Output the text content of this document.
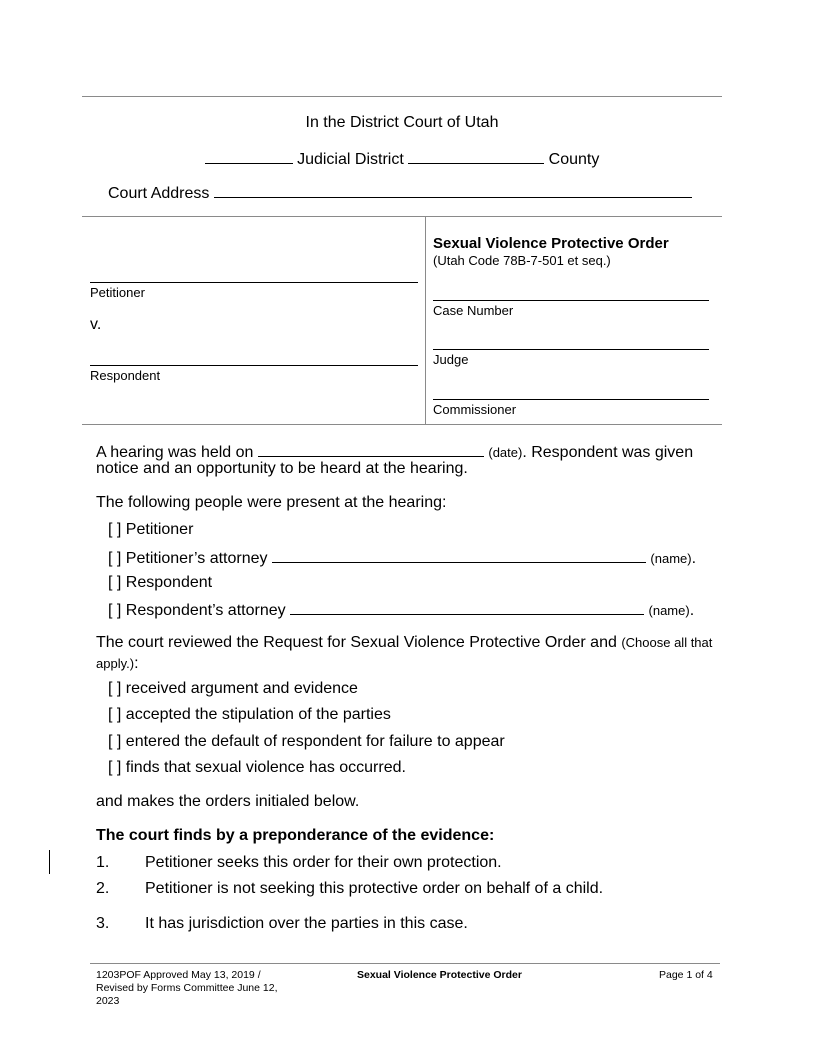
In the District Court of Utah
Judicial District	County
Court Address
Petitioner
v.
Respondent
Sexual Violence Protective Order
(Utah Code 78B-7-501 et seq.)
Case Number
Judge
Commissioner
A hearing was held on	(date). Respondent was given
notice and an opportunity to be heard at the hearing.
The following people were present at the hearing:
[ ] Petitioner
[ ] Petitioner’s attorney	(name).
[ ] Respondent
[ ] Respondent’s attorney	(name).
The court reviewed the Request for Sexual Violence Protective Order and (Choose all that
apply.):
[ ] received argument and evidence
[ ] accepted the stipulation of the parties
[ ] entered the default of respondent for failure to appear
[ ] finds that sexual violence has occurred.
and makes the orders initialed below.
The court finds by a preponderance of the evidence:
1. Petitioner seeks this order for their own protection.
2. Petitioner is not seeking this protective order on behalf of a child.
3. It has jurisdiction over the parties in this case.
1203POF Approved May 13, 2019 /
Revised by Forms Committee June 12,
2023
Sexual Violence Protective Order	Page 1 of 4
